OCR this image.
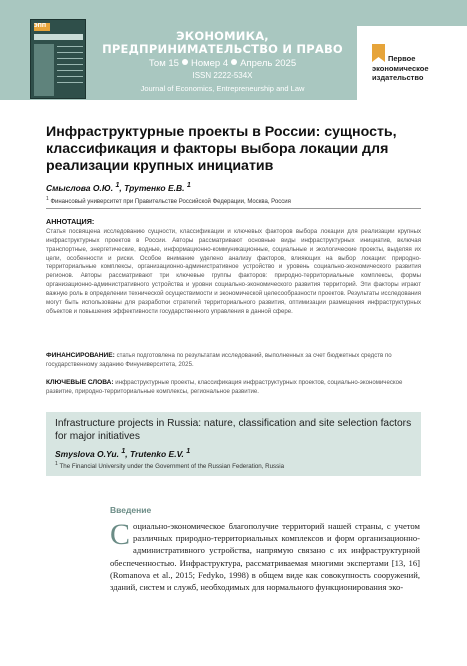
ЭПП
ЭКОНОМИКА,
ПРЕДПРИНИМАТЕЛЬСТВО И ПРАВО
Том 15 Номер 4 Апрель 2025
ISSN 2222-534X
Journal of Economics, Entrepreneurship and Law
Первое
экономическое
издательство
Инфраструктурные проекты в России: сущность, классификация и факторы выбора локации для реализации крупных инициатив
Смыслова О.Ю. $^1$, Трутенко Е.В. $^1$
$^1$ Финансовый университет при Правительстве Российской Федерации, Москва, Россия
АННОТАЦИЯ:
Статья посвящена исследованию сущности, классификации и ключевых факторов выбора локации для реализации крупных инфраструктурных проектов в России. Авторы рассматривают основные виды инфраструктурных инициатив, включая транспортные, энергетические, водные, информационно-коммуникационные, социальные и экологические проекты, выделяя их цели, особенности и риски. Особое внимание уделено анализу факторов, влияющих на выбор локации: природно-территориальные комплексы, организационно-административное устройство и уровень социально-экономического развития регионов. Авторы рассматривают три ключевые группы факторов: природно-территориальные комплексы, формы организационно-административного устройства и уровни социально-экономического развития территорий. Эти факторы играют важную роль в определении технической осуществимости и экономической целесообразности проектов. Результаты исследования могут быть использованы для разработки стратегий территориального развития, оптимизации размещения инфраструктурных объектов и повышения эффективности государственного управления в данной сфере.
ФИНАНСИРОВАНИЕ: статья подготовлена по результатам исследований, выполненных за счет бюджетных средств по государственному заданию Финуниверситета, 2025.
КЛЮЧЕВЫЕ СЛОВА: инфраструктурные проекты, классификация инфраструктурных проектов, социально-экономическое развитие, природно-территориальные комплексы, региональное развитие.
Infrastructure projects in Russia: nature, classification and site selection factors for major initiatives
Smyslova O.Yu. $^1$, Trutenko E.V. $^1$
$^1$ The Financial University under the Government of the Russian Federation, Russia
Введение
Социально-экономическое благополучие территорий нашей страны, с учетом различных природно-территориальных комплексов и форм организационно-административного устройства, напрямую связано с их инфраструктурной обеспеченностью. Инфраструктура, рассматриваемая многими экспертами [13, 16] (Romanova et al., 2015; Fedyko, 1998) в общем виде как совокупность сооружений, зданий, систем и служб, необходимых для нормального функционирования эко-
